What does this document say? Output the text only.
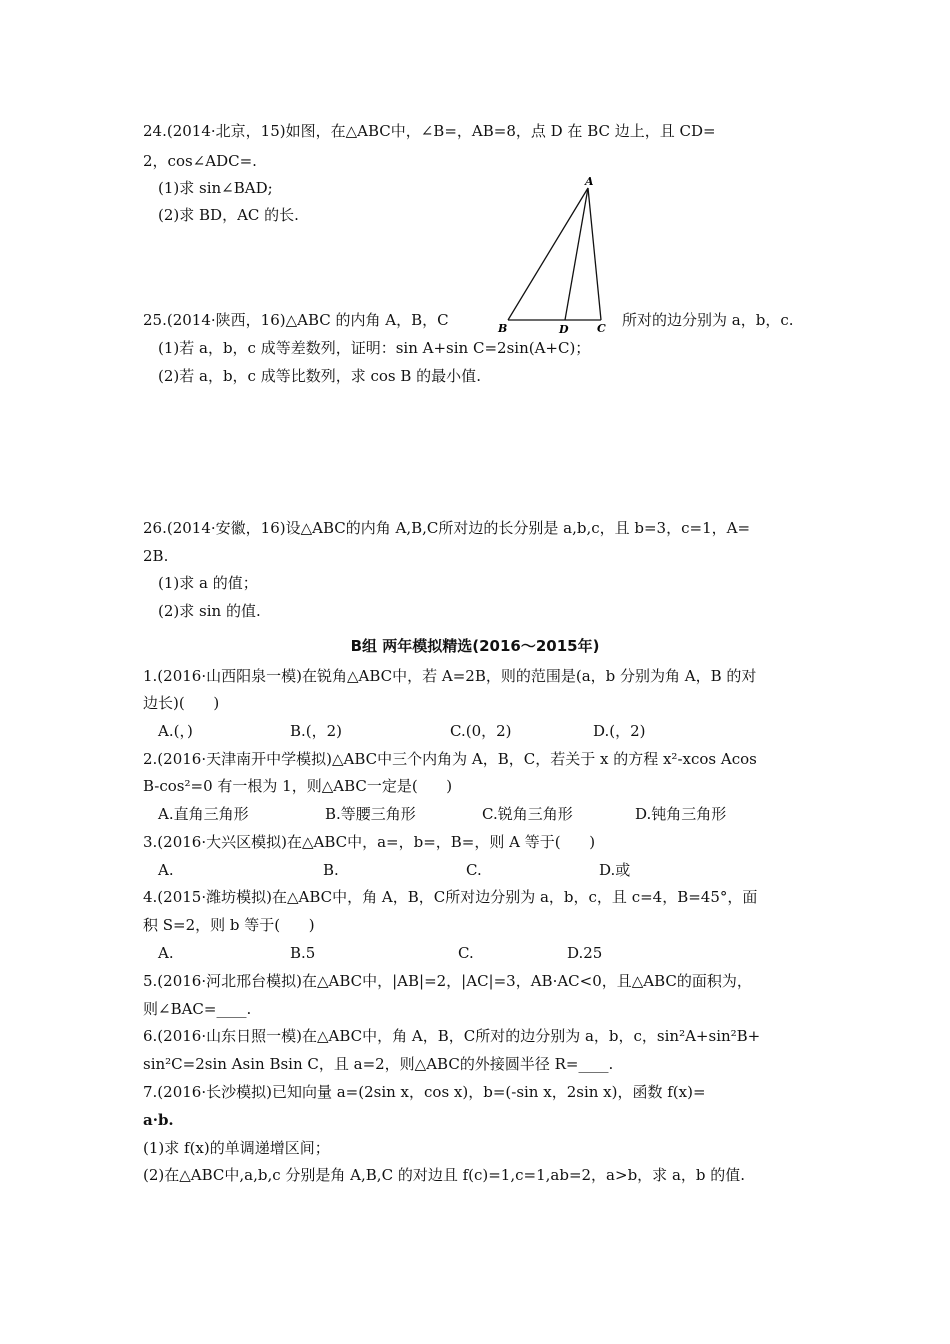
24.(2014·北京，15)如图，在△ABC中，∠B=，AB=8，点 D 在 BC 边上，且 CD=
2，cos∠ADC=.
(1)求 sin∠BAD;
(2)求 BD，AC 的长.
A
B	D	C
25.(2014·陕西，16)△ABC 的内角 A，B，C	所对的边分别为 a，b，c.
(1)若 a，b，c 成等差数列，证明：sin A+sin C=2sin(A+C)；
(2)若 a，b，c 成等比数列，求 cos B 的最小值.
26.(2014·安徽，16)设△ABC的内角 A,B,C所对边的长分别是 a,b,c，且 b=3，c=1，A=
2B.
(1)求 a 的值；
(2)求 sin 的值.
B组 两年模拟精选(2016～2015年)
1.(2016·山西阳泉一模)在锐角△ABC中，若 A=2B，则的范围是(a，b 分别为角 A，B 的对
边长)(      )
A.(，)	B.(，2)	C.(0，2)	D.(，2)
2.(2016·天津南开中学模拟)△ABC中三个内角为 A，B，C，若关于 x 的方程 x²-xcos Acos
B-cos²=0 有一根为 1，则△ABC一定是(      )
A.直角三角形	B.等腰三角形	C.锐角三角形	D.钝角三角形
3.(2016·大兴区模拟)在△ABC中，a=，b=，B=，则 A 等于(      )
A.	B.	C.	D.或
4.(2015·潍坊模拟)在△ABC中，角 A，B，C所对边分别为 a，b，c，且 c=4，B=45°，面
积 S=2，则 b 等于(      )
A.	B.5	C.	D.25
5.(2016·河北邢台模拟)在△ABC中，|AB|=2，|AC|=3，AB·AC<0，且△ABC的面积为，
则∠BAC=____.
6.(2016·山东日照一模)在△ABC中，角 A，B，C所对的边分别为 a，b，c，sin²A+sin²B+
sin²C=2sin Asin Bsin C，且 a=2，则△ABC的外接圆半径 R=____.
7.(2016·长沙模拟)已知向量 a=(2sin x，cos x)，b=(-sin x，2sin x)，函数 f(x)=
a·b.
(1)求 f(x)的单调递增区间；
(2)在△ABC中,a,b,c 分别是角 A,B,C 的对边且 f(c)=1,c=1,ab=2，a>b，求 a，b 的值.
